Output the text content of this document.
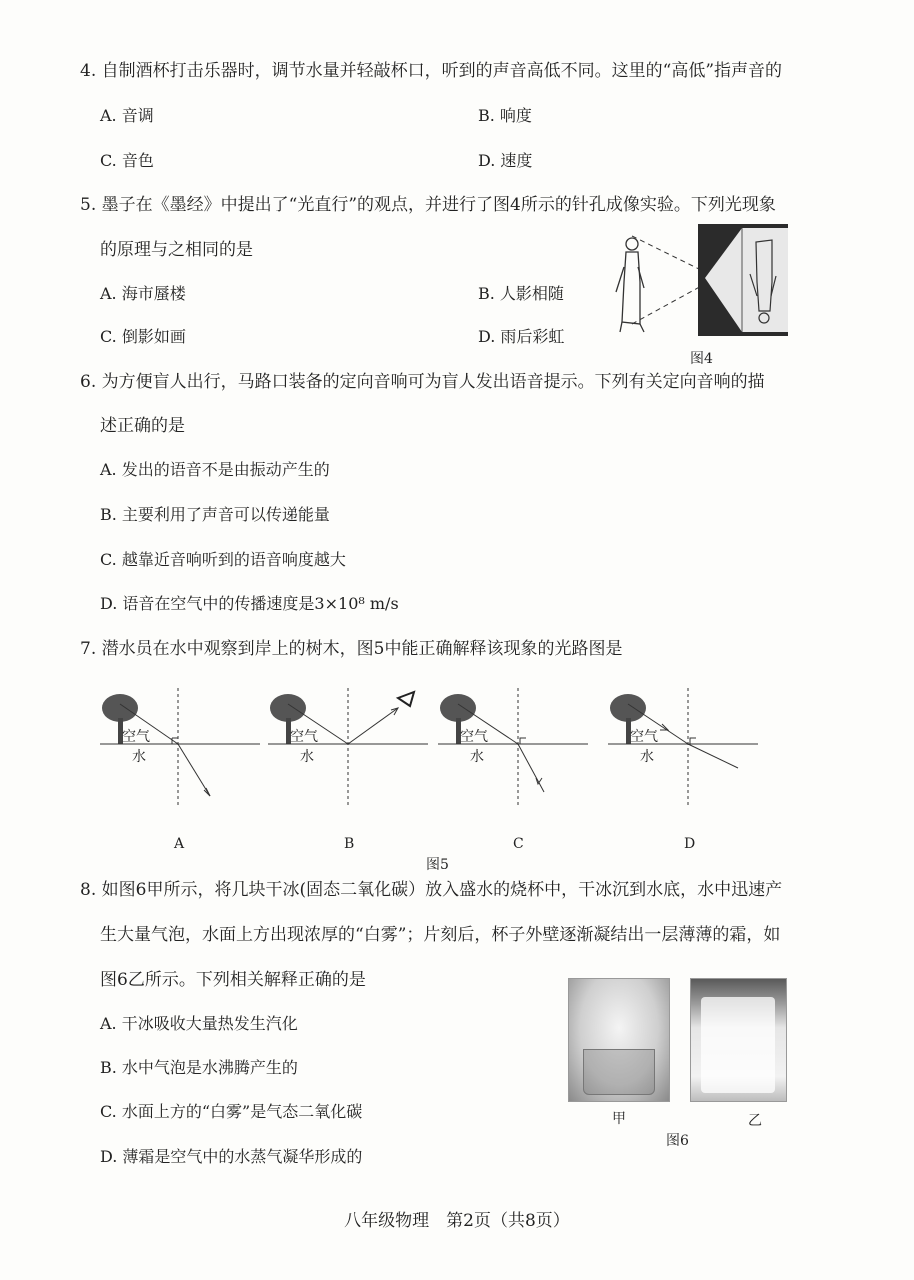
4. 自制酒杯打击乐器时，调节水量并轻敲杯口，听到的声音高低不同。这里的“高低”指声音的
A. 音调	B. 响度
C. 音色	D. 速度
5. 墨子在《墨经》中提出了“光直行”的观点，并进行了图4所示的针孔成像实验。下列光现象
的原理与之相同的是
A. 海市蜃楼	B. 人影相随
C. 倒影如画	D. 雨后彩虹
图4
6. 为方便盲人出行，马路口装备的定向音响可为盲人发出语音提示。下列有关定向音响的描
述正确的是
A. 发出的语音不是由振动产生的
B. 主要利用了声音可以传递能量
C. 越靠近音响听到的语音响度越大
D. 语音在空气中的传播速度是3×10⁸ m/s
7. 潜水员在水中观察到岸上的树木，图5中能正确解释该现象的光路图是
空气
水
空气
水
空气
水
空气
水
A	B	C	D
图5
8. 如图6甲所示，将几块干冰(固态二氧化碳）放入盛水的烧杯中，干冰沉到水底，水中迅速产
生大量气泡，水面上方出现浓厚的“白雾”；片刻后，杯子外壁逐渐凝结出一层薄薄的霜，如
图6乙所示。下列相关解释正确的是
A. 干冰吸收大量热发生汽化
B. 水中气泡是水沸腾产生的
C. 水面上方的“白雾”是气态二氧化碳
D. 薄霜是空气中的水蒸气凝华形成的
甲	乙
图6
八年级物理　第2页（共8页）
